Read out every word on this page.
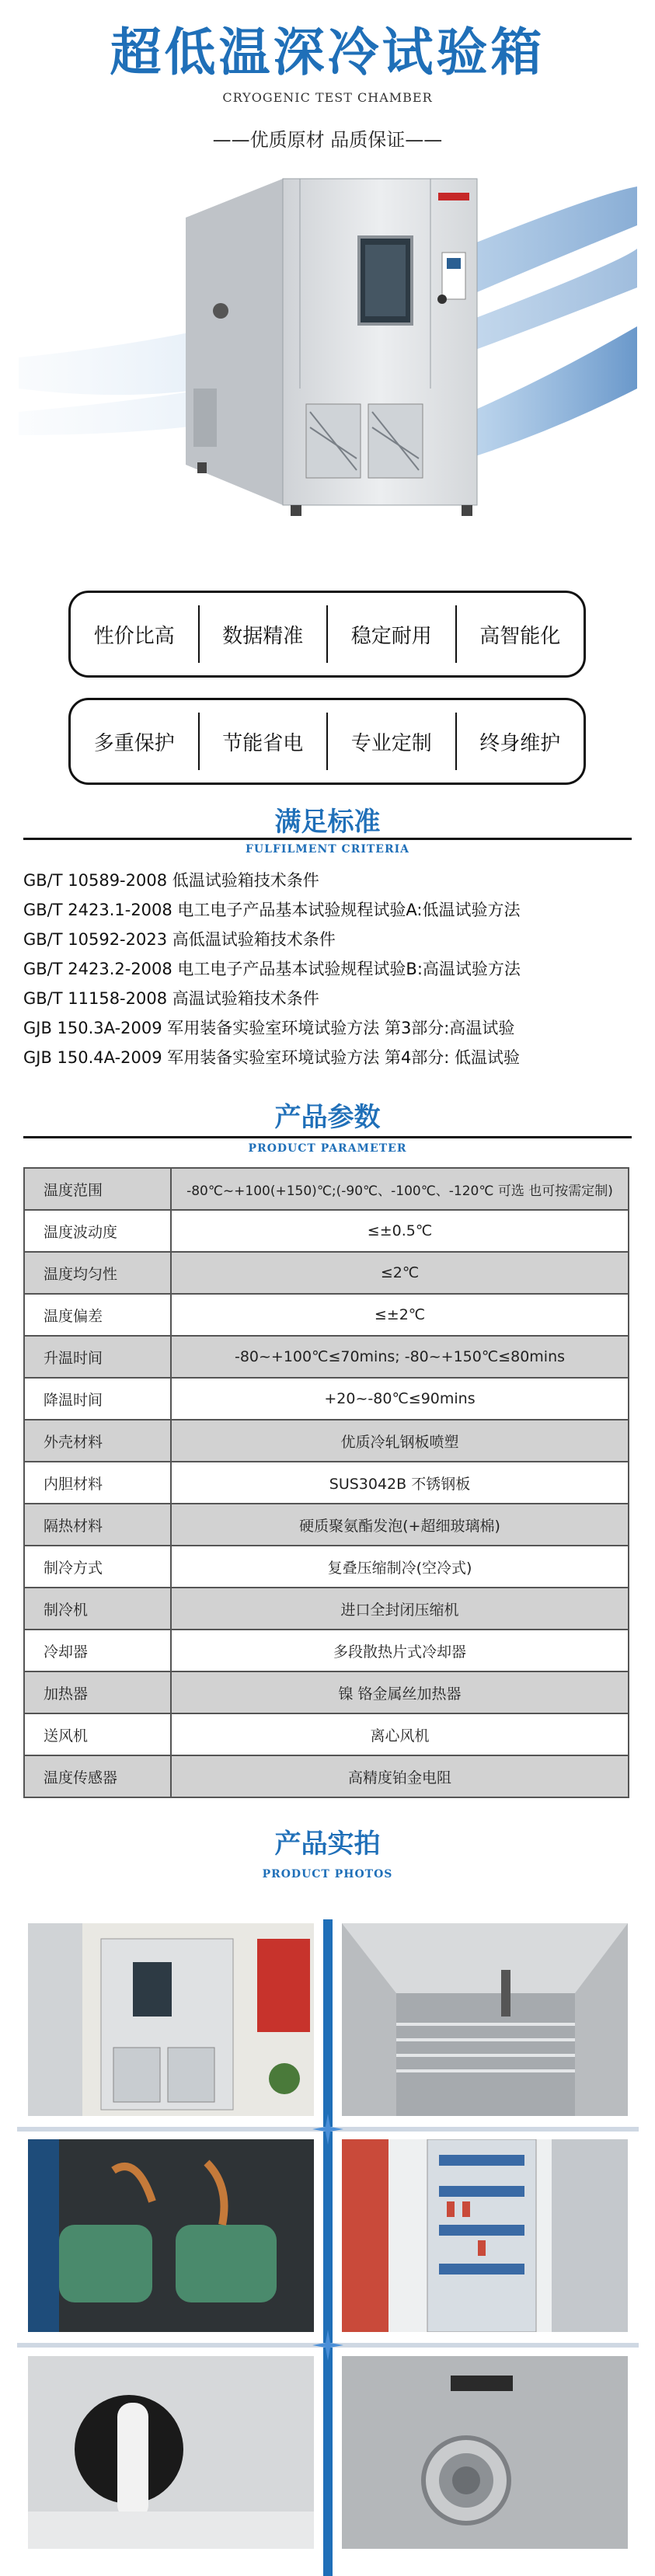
超低温深冷试验箱
CRYOGENIC TEST CHAMBER
——优质原材 品质保证——
性价比高	数据精准	稳定耐用	高智能化
多重保护	节能省电	专业定制	终身维护
满足标准
FULFILMENT CRITERIA
GB/T 10589-2008 低温试验箱技术条件
GB/T 2423.1-2008 电工电子产品基本试验规程试验A:低温试验方法
GB/T 10592-2023 高低温试验箱技术条件
GB/T 2423.2-2008 电工电子产品基本试验规程试验B:高温试验方法
GB/T 11158-2008 高温试验箱技术条件
GJB 150.3A-2009 军用装备实验室环境试验方法 第3部分:高温试验
GJB 150.4A-2009 军用装备实验室环境试验方法 第4部分: 低温试验
产品参数
PRODUCT PARAMETER
温度范围	-80℃~+100(+150)℃;(-90℃、-100℃、-120℃ 可选 也可按需定制)
温度波动度	≤±0.5℃
温度均匀性	≤2℃
温度偏差	≤±2℃
升温时间	-80~+100℃≤70mins; -80~+150℃≤80mins
降温时间	+20~-80℃≤90mins
外壳材料	优质冷轧钢板喷塑
内胆材料	SUS3042B 不锈钢板
隔热材料	硬质聚氨酯发泡(+超细玻璃棉)
制冷方式	复叠压缩制冷(空冷式)
制冷机	进口全封闭压缩机
冷却器	多段散热片式冷却器
加热器	镍 铬金属丝加热器
送风机	离心风机
温度传感器	高精度铂金电阻
产品实拍
PRODUCT PHOTOS
